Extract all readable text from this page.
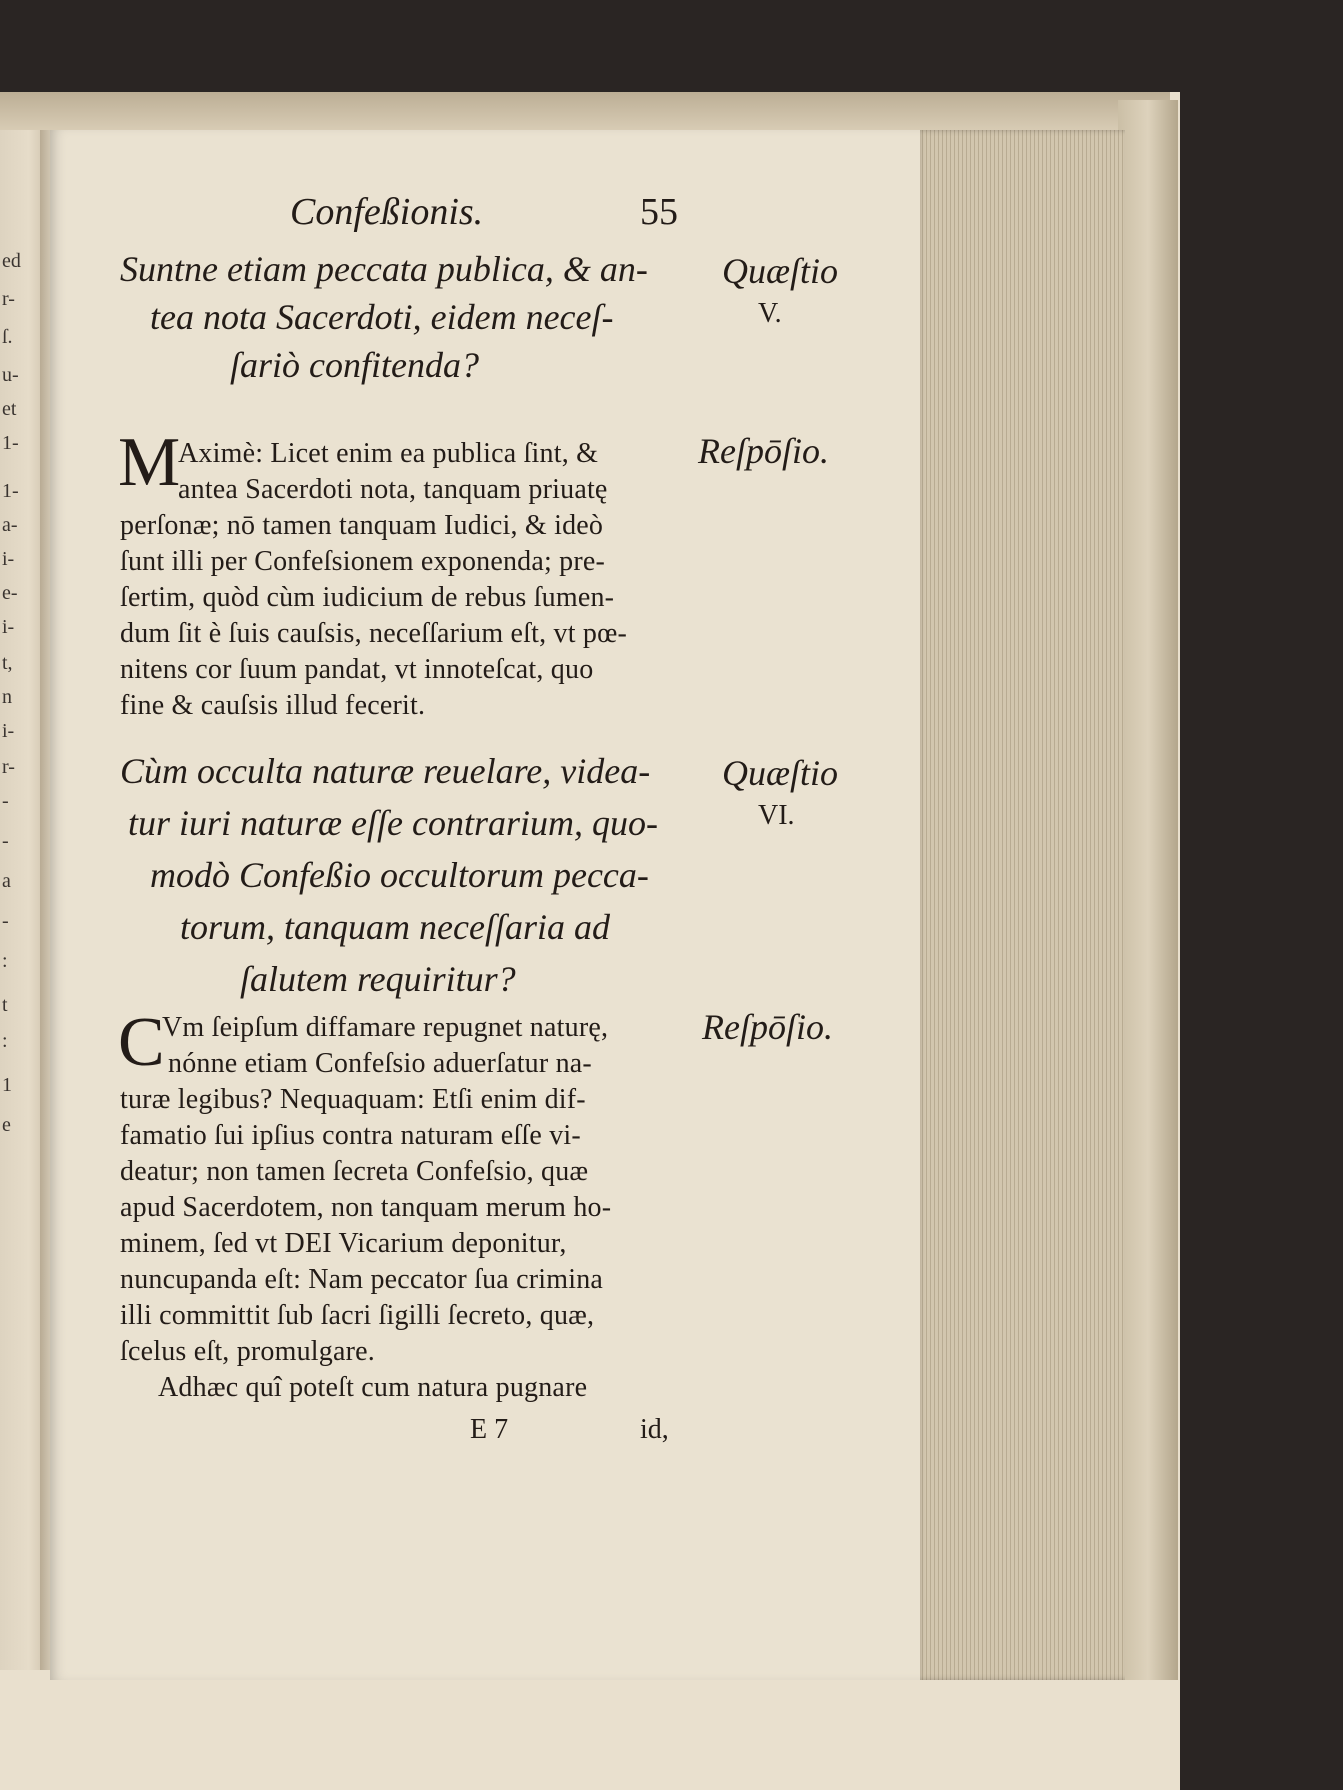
ed
r-
ſ.
u-
et
1-
1-
a-
i-
e-
i-
t,
n
i-
r-
-
-
a
-
:
t
:
1
e
Confeßionis.	55
Suntne etiam peccata publica, & an-
tea nota Sacerdoti, eidem neceſ-
ſariò confitenda?
Quæſtio
V.
M	Reſpōſio.
Aximè: Licet enim ea publica ſint, &
antea Sacerdoti nota, tanquam priuatę
perſonæ; nō tamen tanquam Iudici, & ideò
ſunt illi per Confeſsionem exponenda; pre-
ſertim, quòd cùm iudicium de rebus ſumen-
dum ſit è ſuis cauſsis, neceſſarium eſt, vt pœ-
nitens cor ſuum pandat, vt innoteſcat, quo
fine & cauſsis illud fecerit.
Cùm occulta naturæ reuelare, videa-
tur iuri naturæ eſſe contrarium, quo-
modò Confeßio occultorum pecca-
torum, tanquam neceſſaria ad
ſalutem requiritur?
Quæſtio
VI.
C	Reſpōſio.
Vm ſeipſum diffamare repugnet naturę,
nónne etiam Confeſsio aduerſatur na-
turæ legibus? Nequaquam: Etſi enim dif-
famatio ſui ipſius contra naturam eſſe vi-
deatur; non tamen ſecreta Confeſsio, quæ
apud Sacerdotem, non tanquam merum ho-
minem, ſed vt DEI Vicarium deponitur,
nuncupanda eſt: Nam peccator ſua crimina
illi committit ſub ſacri ſigilli ſecreto, quæ,
ſcelus eſt, promulgare.
Adhæc quî poteſt cum natura pugnare
E 7	id,
